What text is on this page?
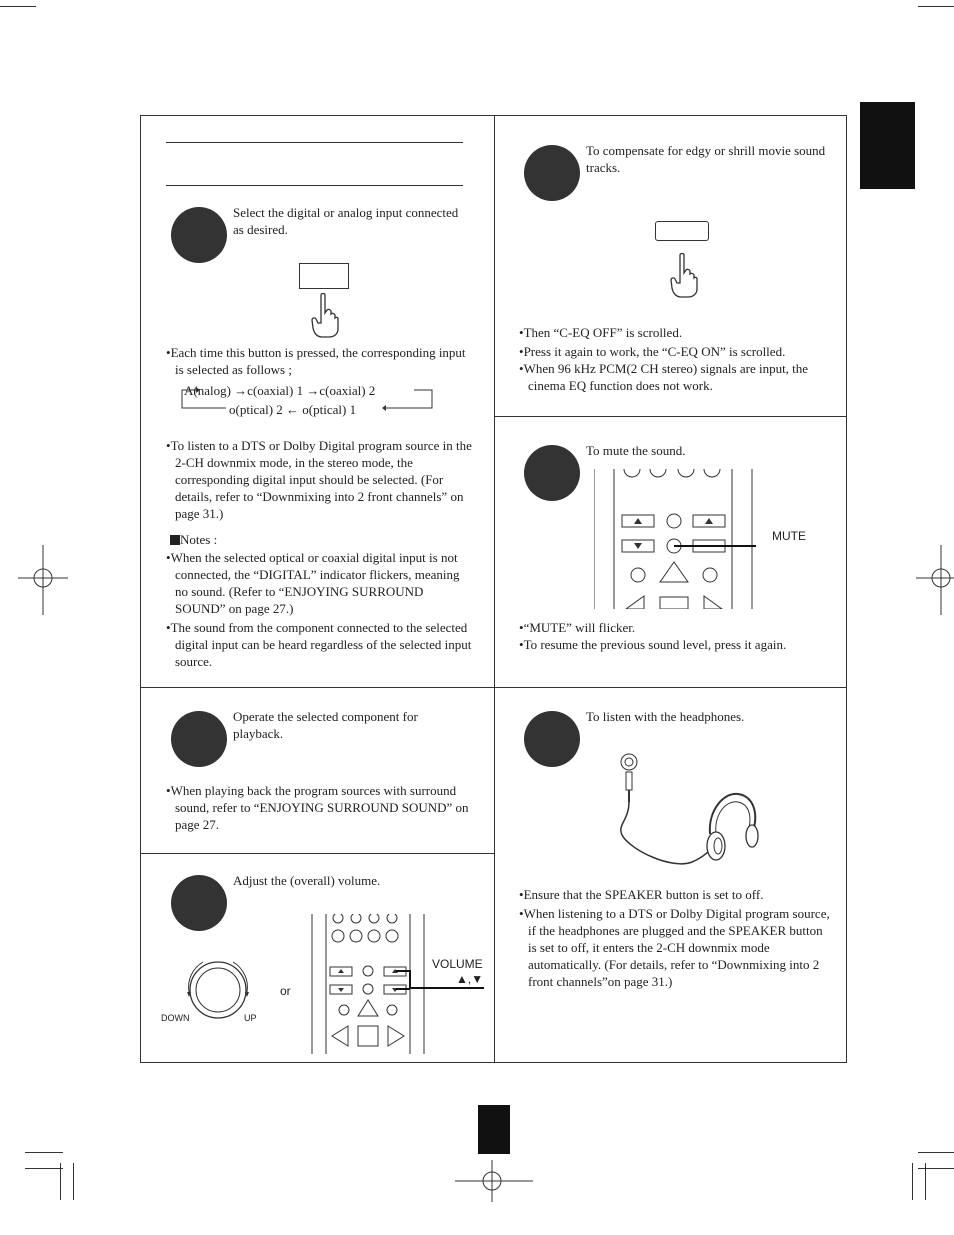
Select the digital or analog input connected as desired.
• Each time this button is pressed, the corresponding input is selected as follows ;
A(nalog) →c(oaxial) 1 →c(oaxial) 2
o(ptical) 2 ← o(ptical) 1
• To listen to a DTS or Dolby Digital program source in the 2-CH downmix mode, in the stereo mode, the corresponding digital input should be selected. (For details, refer to “Downmixing into 2 front channels” on page 31.)
Notes :
• When the selected optical or coaxial digital input is not connected, the “DIGITAL” indicator flickers, meaning no sound. (Refer to “ENJOYING SURROUND SOUND” on page 27.)
• The sound from the component connected to the selected digital input can be heard regardless of the selected input source.
Operate the selected component for playback.
• When playing back the program sources with surround sound, refer to “ENJOYING SURROUND SOUND” on page 27.
Adjust the (overall) volume.
DOWN	UP
or
VOLUME
▲,▼
To compensate for edgy or shrill movie sound tracks.
• Then “C-EQ OFF” is scrolled.
• Press it again to work, the “C-EQ ON” is scrolled.
• When 96 kHz PCM(2 CH stereo) signals are input, the cinema EQ function does not work.
To mute the sound.
MUTE
• “MUTE” will flicker.
• To resume the previous sound level, press it again.
To listen with the headphones.
• Ensure that the SPEAKER button is set to off.
• When listening to a DTS or Dolby Digital program source, if the headphones are plugged and the SPEAKER button is set to off, it enters the 2-CH downmix mode automatically. (For details, refer to “Downmixing into 2 front channels”on page 31.)
